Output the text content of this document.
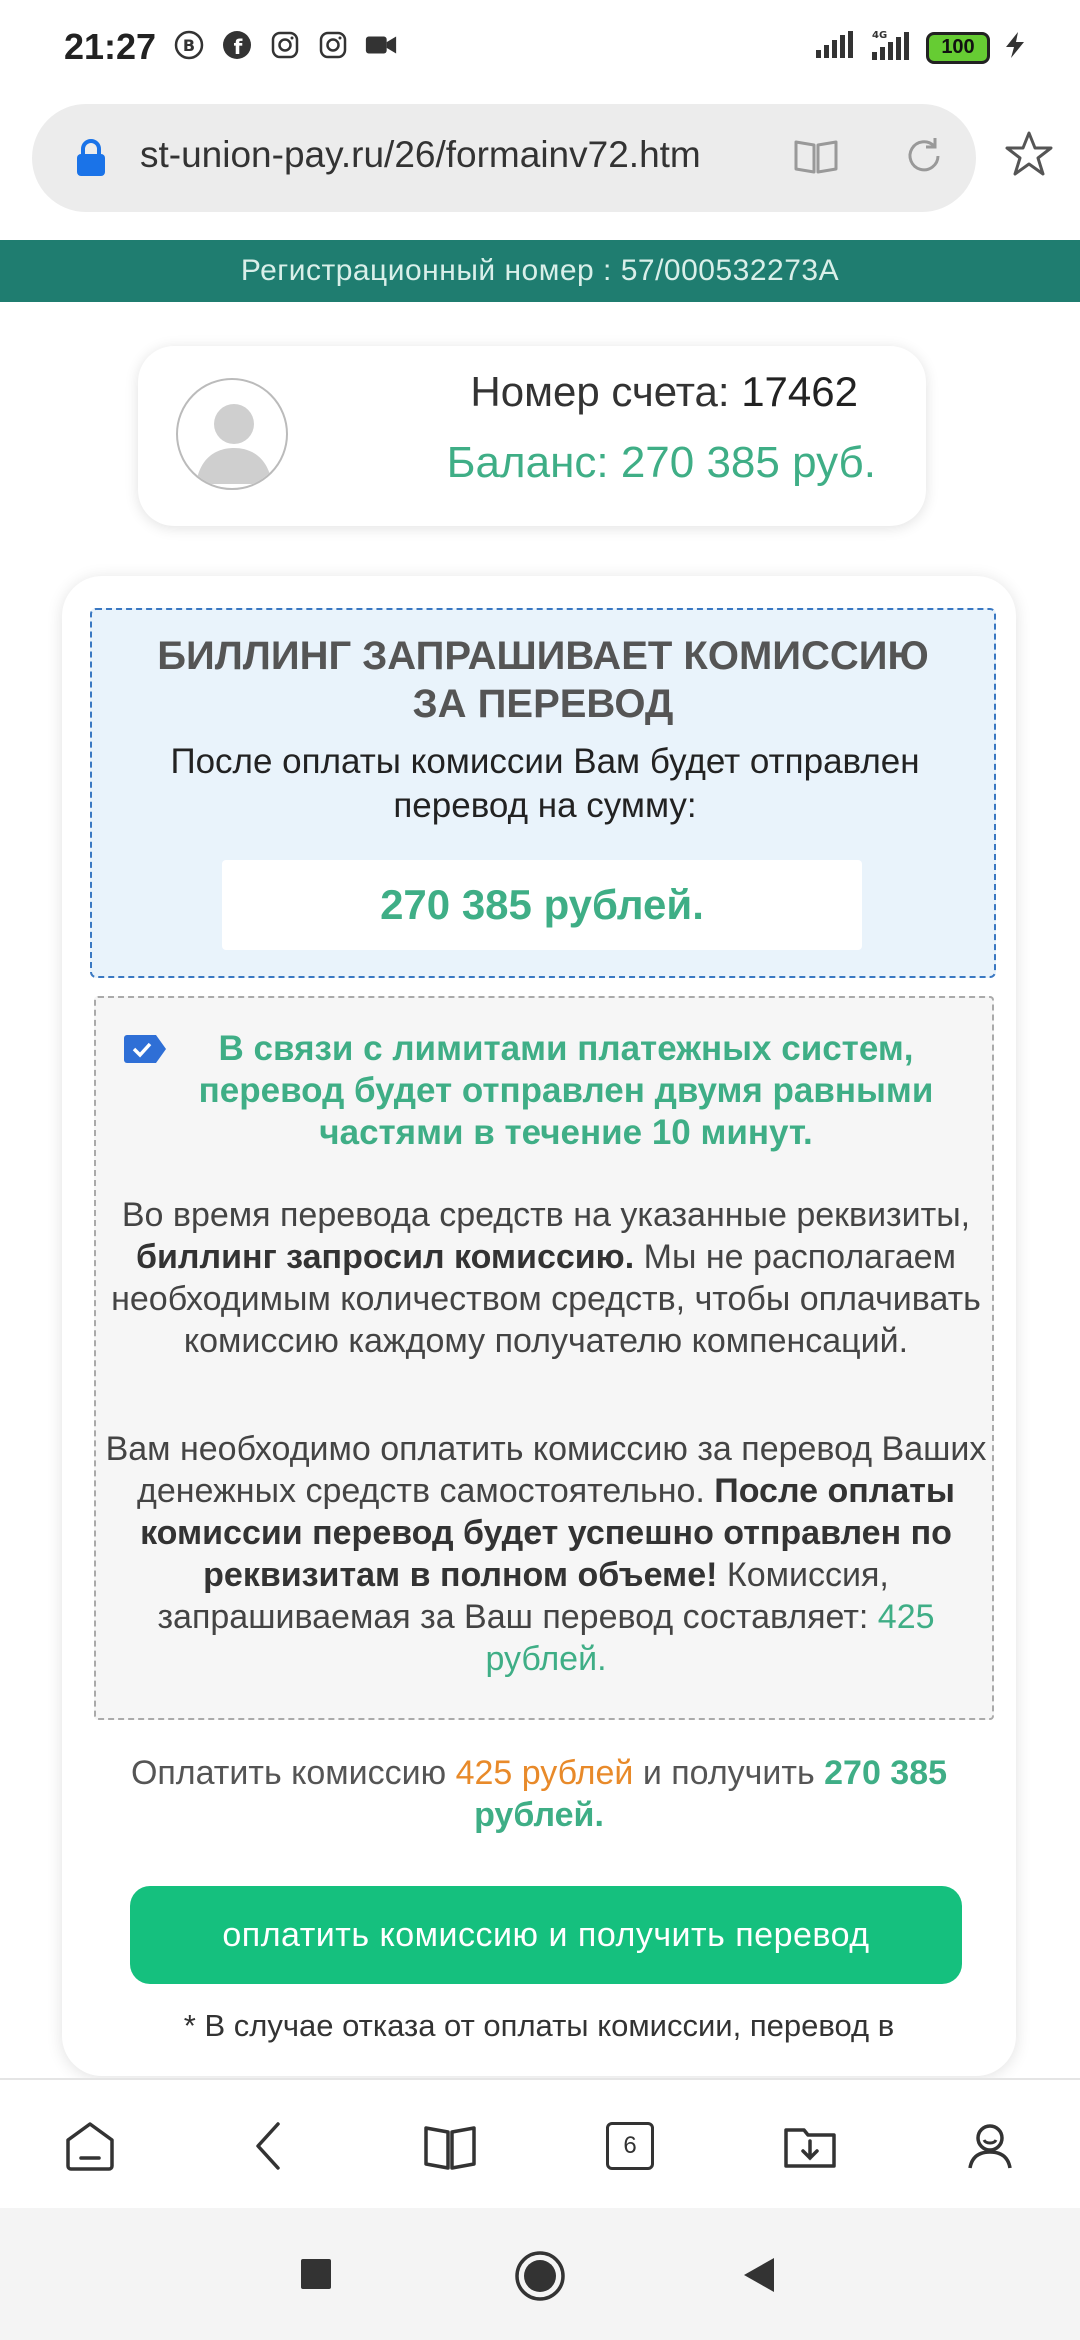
21:27 В f	4G
100
st-union-pay.ru/26/formainv72.htm
Регистрационный номер : 57/000532273А
Номер счета: 17462
Баланс: 270 385 руб.
БИЛЛИНГ ЗАПРАШИВАЕТ КОМИССИЮ
ЗА ПЕРЕВОД
После оплаты комиссии Вам будет отправлен перевод на сумму:
270 385 рублей.
В связи с лимитами платежных систем, перевод будет отправлен двумя равными частями в течение 10 минут.
Во время перевода средств на указанные реквизиты, биллинг запросил комиссию. Мы не располагаем необходимым количеством средств, чтобы оплачивать комиссию каждому получателю компенсаций.
Вам необходимо оплатить комиссию за перевод Ваших денежных средств самостоятельно. После оплаты комиссии перевод будет успешно отправлен по реквизитам в полном объеме! Комиссия, запрашиваемая за Ваш перевод составляет: 425 рублей.
Оплатить комиссию 425 рублей и получить 270 385 рублей.
оплатить комиссию и получить перевод
* В случае отказа от оплаты комиссии, перевод в
6
